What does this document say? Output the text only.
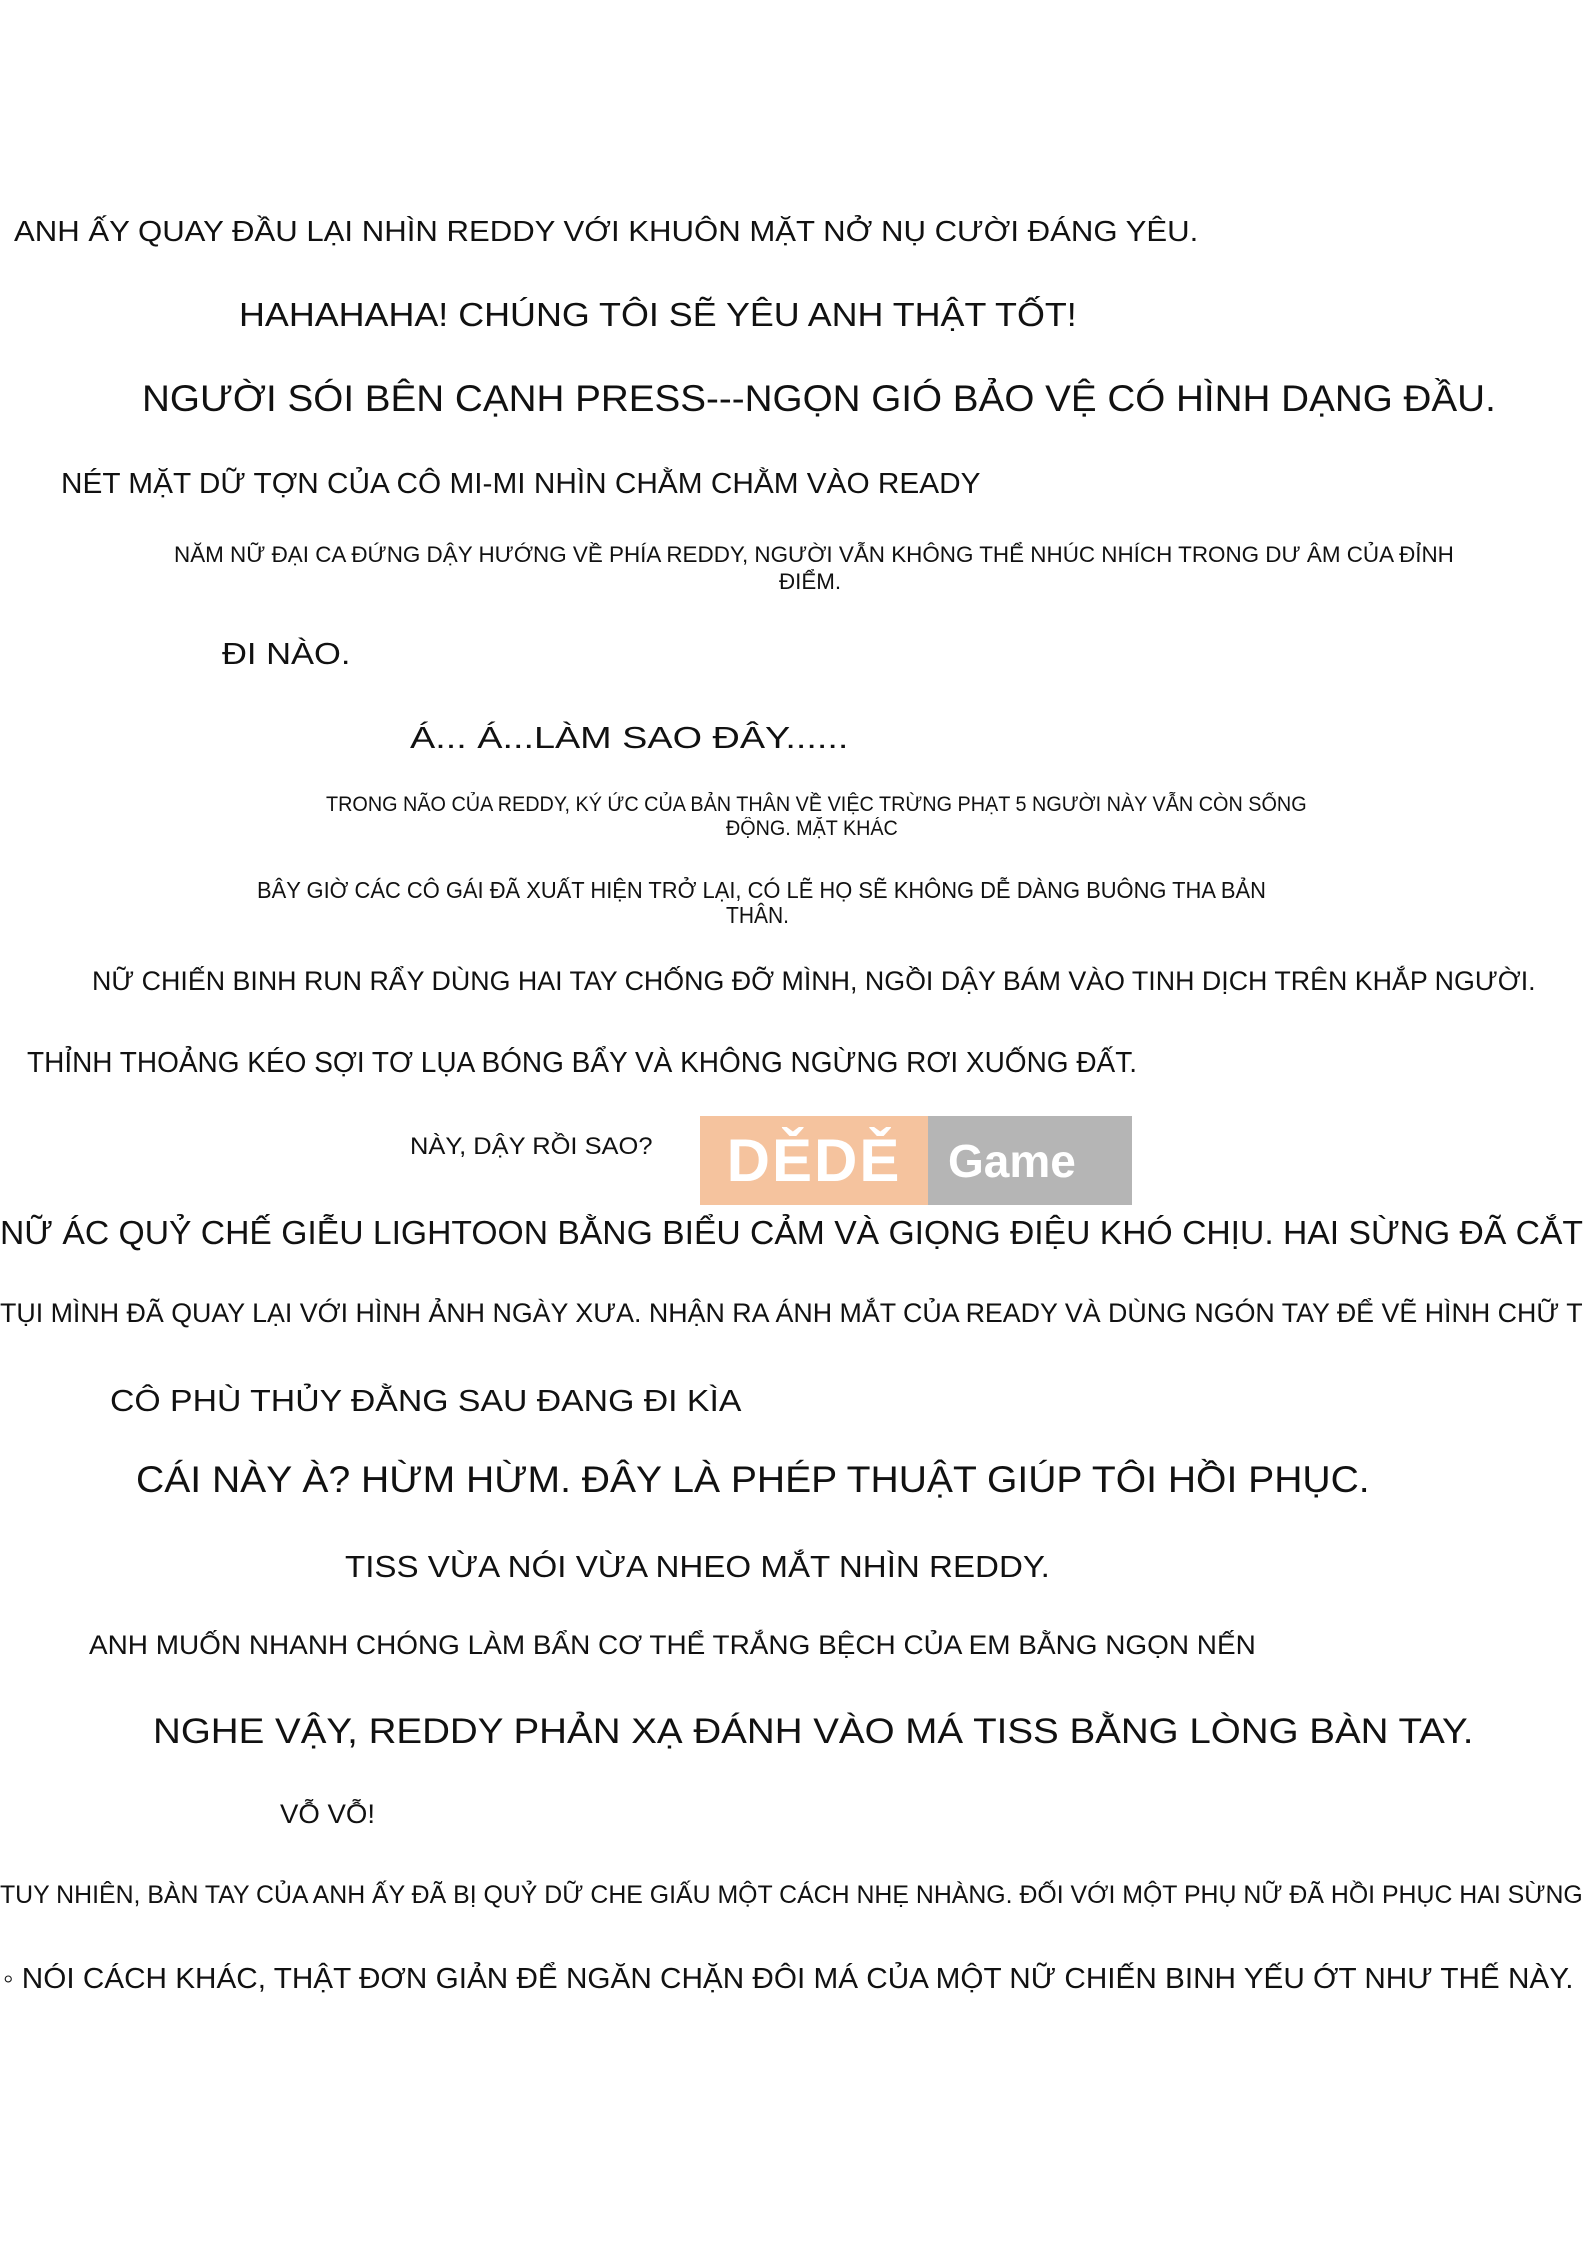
ANH ẤY QUAY ĐẦU LẠI NHÌN REDDY VỚI KHUÔN MẶT NỞ NỤ CƯỜI ĐÁNG YÊU.
HAHAHAHA! CHÚNG TÔI SẼ YÊU ANH THẬT TỐT!
NGƯỜI SÓI BÊN CẠNH PRESS---NGỌN GIÓ BẢO VỆ CÓ HÌNH DẠNG ĐẦU.
NÉT MẶT DỮ TỢN CỦA CÔ MI-MI NHÌN CHẰM CHẰM VÀO READY
NĂM NỮ ĐẠI CA ĐỨNG DẬY HƯỚNG VỀ PHÍA REDDY, NGƯỜI VẪN KHÔNG THỂ NHÚC NHÍCH TRONG DƯ ÂM CỦA ĐỈNH
ĐIỂM.
ĐI NÀO.
Á... Á...LÀM SAO ĐÂY......
TRONG NÃO CỦA REDDY, KÝ ỨC CỦA BẢN THÂN VỀ VIỆC TRỪNG PHẠT 5 NGƯỜI NÀY VẪN CÒN SỐNG
ĐỘNG. MẶT KHÁC
BÂY GIỜ CÁC CÔ GÁI ĐÃ XUẤT HIỆN TRỞ LẠI, CÓ LẼ HỌ SẼ KHÔNG DỄ DÀNG BUÔNG THA BẢN
THÂN.
NỮ CHIẾN BINH RUN RẨY DÙNG HAI TAY CHỐNG ĐỠ MÌNH, NGỒI DẬY BÁM VÀO TINH DỊCH TRÊN KHẮP NGƯỜI.
THỈNH THOẢNG KÉO SỢI TƠ LỤA BÓNG BẨY VÀ KHÔNG NGỪNG RƠI XUỐNG ĐẤT.
NÀY, DẬY RỒI SAO?	DĚDĚ	Game
NỮ ÁC QUỶ CHẾ GIỄU LIGHTOON BẰNG BIỂU CẢM VÀ GIỌNG ĐIỆU KHÓ CHỊU. HAI SỪNG ĐÃ CẮT
TỤI MÌNH ĐÃ QUAY LẠI VỚI HÌNH ẢNH NGÀY XƯA. NHẬN RA ÁNH MẮT CỦA READY VÀ DÙNG NGÓN TAY ĐỂ VẼ HÌNH CHỮ T
CÔ PHÙ THỦY ĐẰNG SAU ĐANG ĐI KÌA
CÁI NÀY À? HỪM HỪM. ĐÂY LÀ PHÉP THUẬT GIÚP TÔI HỒI PHỤC.
TISS VỪA NÓI VỪA NHEO MẮT NHÌN REDDY.
ANH MUỐN NHANH CHÓNG LÀM BẨN CƠ THỂ TRẮNG BỆCH CỦA EM BẰNG NGỌN NẾN
NGHE VẬY, REDDY PHẢN XẠ ĐÁNH VÀO MÁ TISS BẰNG LÒNG BÀN TAY.
VỖ VỖ!
TUY NHIÊN, BÀN TAY CỦA ANH ẤY ĐÃ BỊ QUỶ DỮ CHE GIẤU MỘT CÁCH NHẸ NHÀNG. ĐỐI VỚI MỘT PHỤ NỮ ĐÃ HỒI PHỤC HAI SỪNG
◦ NÓI CÁCH KHÁC, THẬT ĐƠN GIẢN ĐỂ NGĂN CHẶN ĐÔI MÁ CỦA MỘT NỮ CHIẾN BINH YẾU ỚT NHƯ THẾ NÀY.
